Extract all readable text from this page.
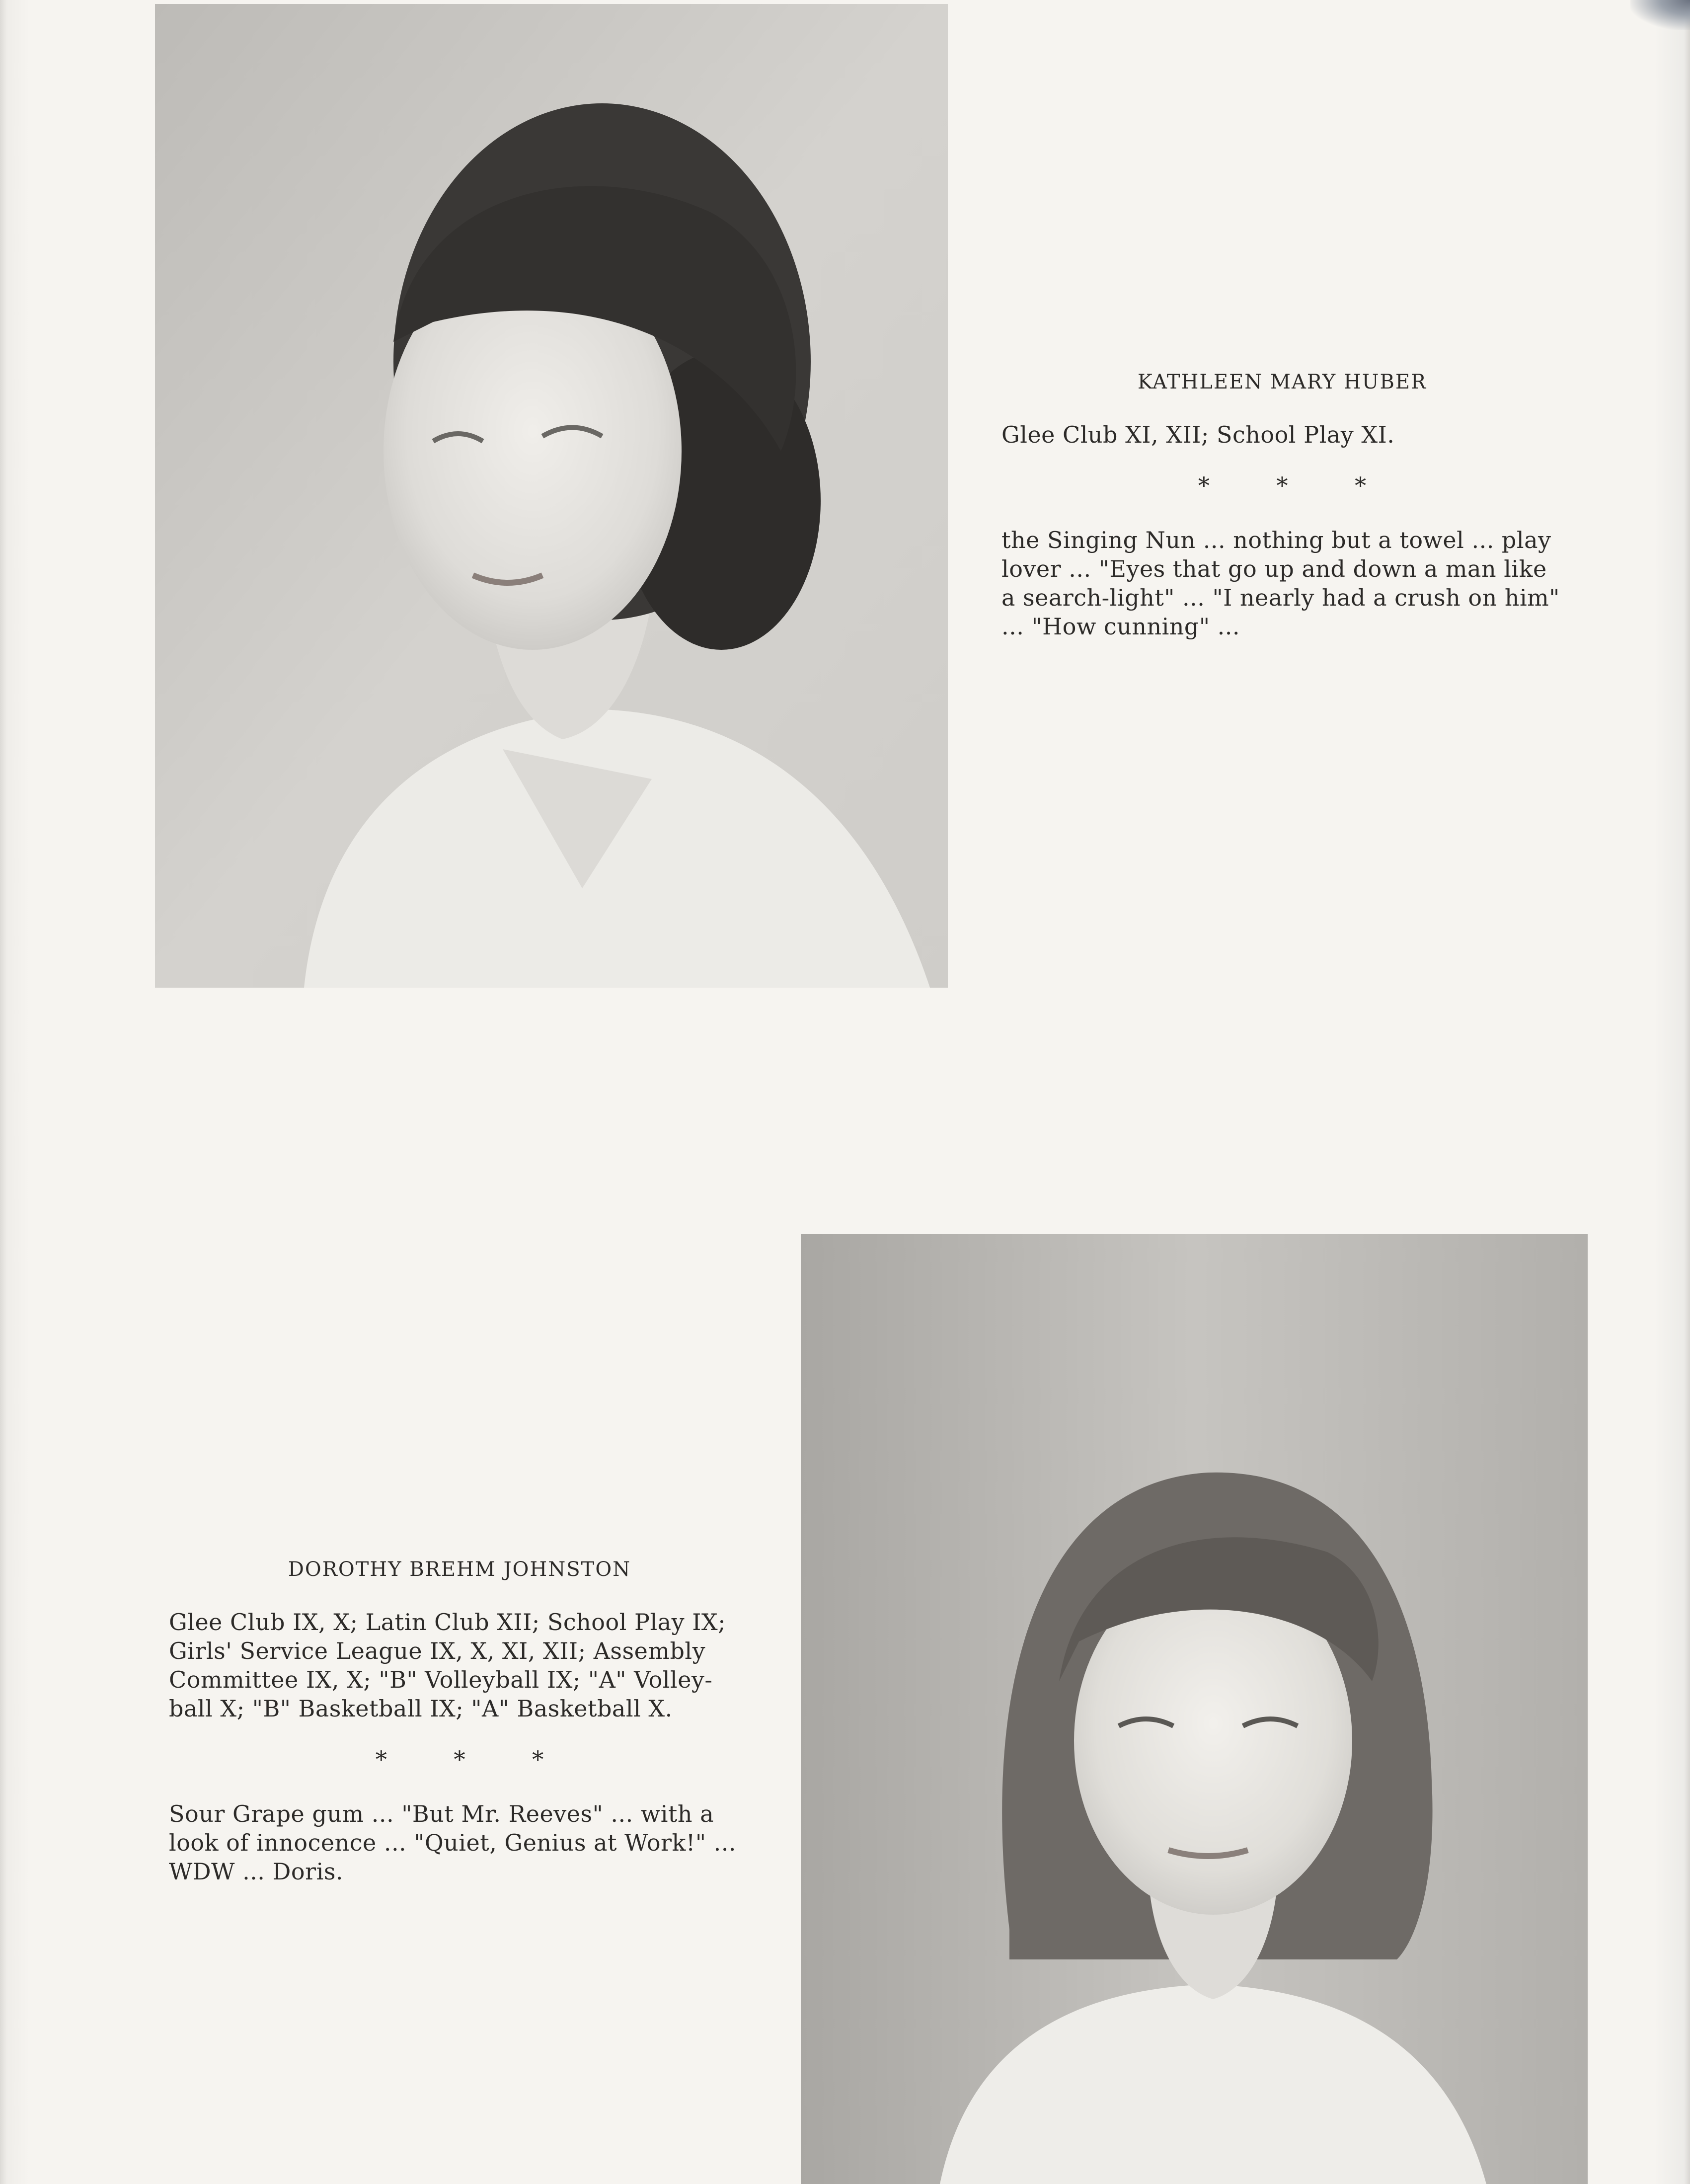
KATHLEEN MARY HUBER
Glee Club XI, XII; School Play XI.
* * *
the Singing Nun ... nothing but a towel ... play lover ... "Eyes that go up and down a man like a search-light" ... "I nearly had a crush on him" ... "How cunning" ...
DOROTHY BREHM JOHNSTON
Glee Club IX, X; Latin Club XII; School Play IX; Girls' Service League IX, X, XI, XII; Assembly Committee IX, X; "B" Volleyball IX; "A" Volley-ball X; "B" Basketball IX; "A" Basketball X.
* * *
Sour Grape gum ... "But Mr. Reeves" ... with a look of innocence ... "Quiet, Genius at Work!" ... WDW ... Doris.
